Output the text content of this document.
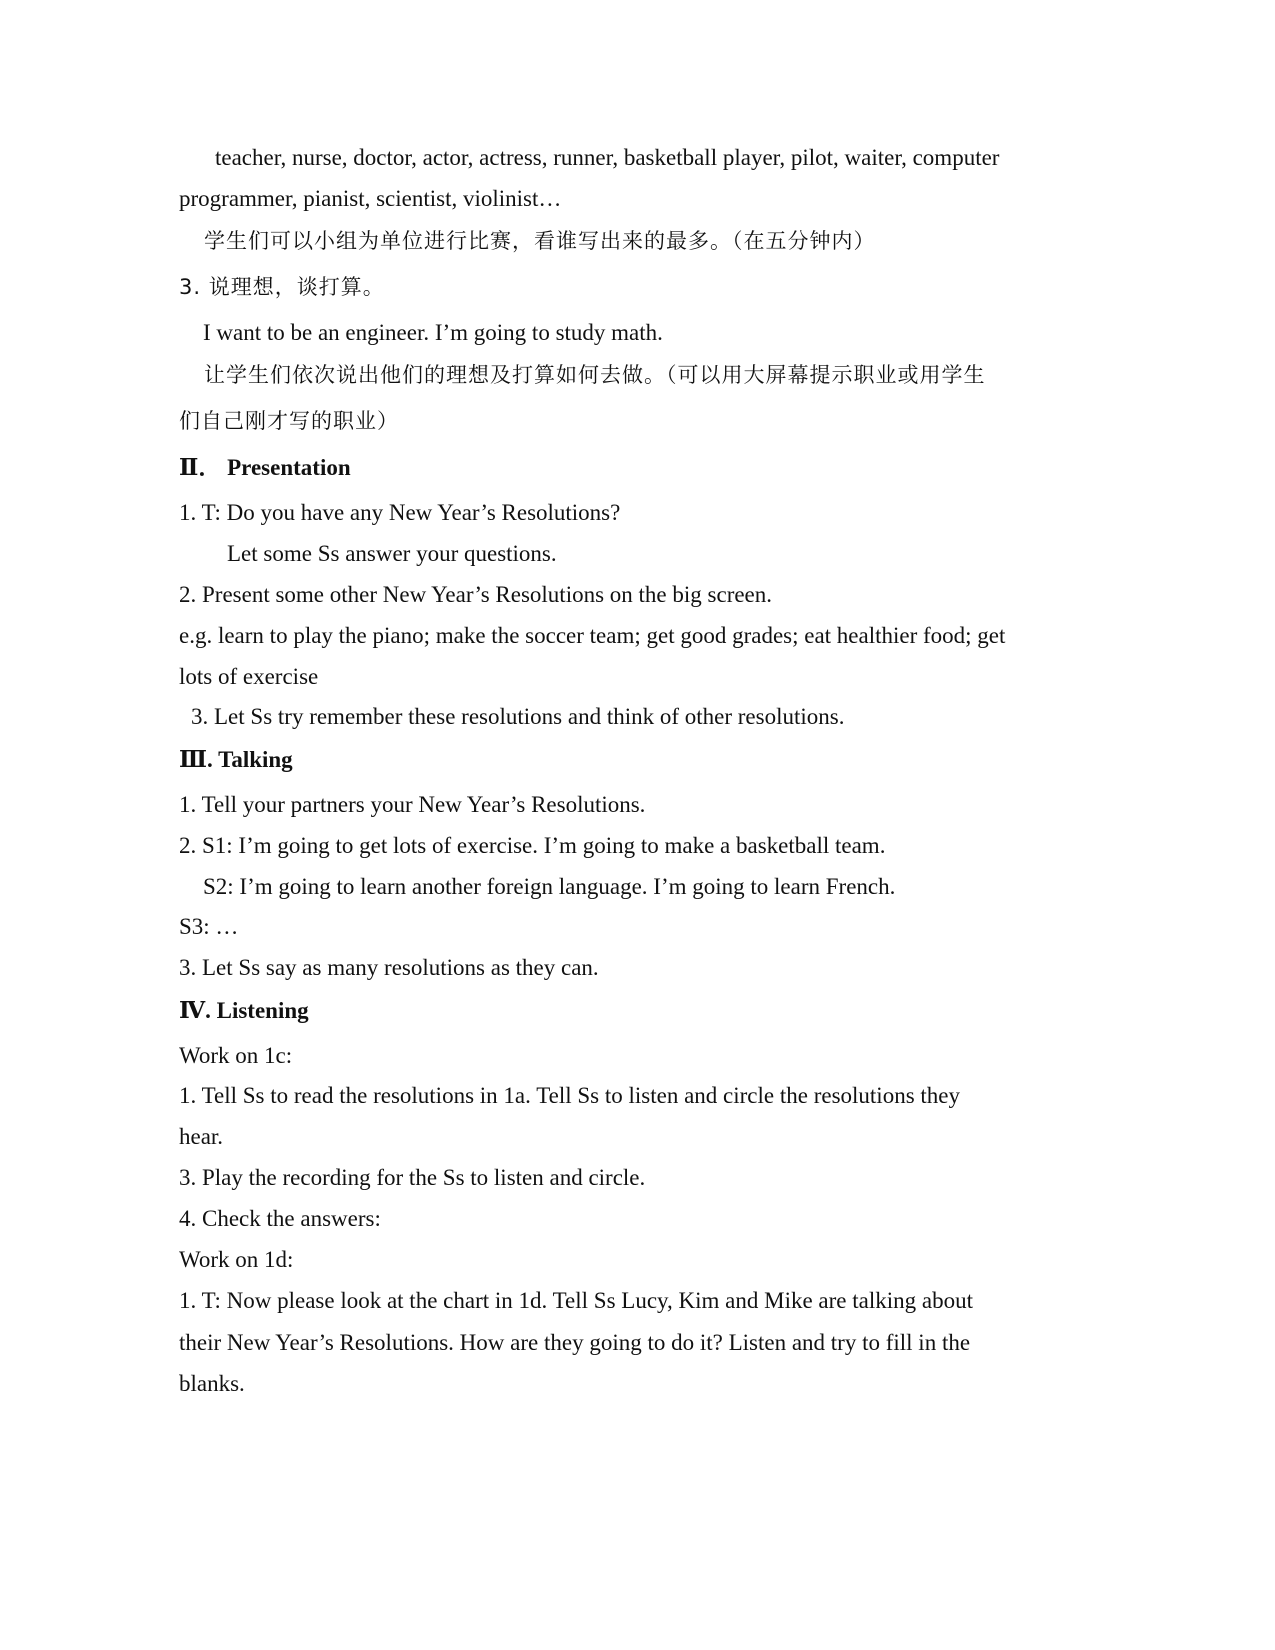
teacher, nurse, doctor, actor, actress, runner, basketball player, pilot, waiter, computer
programmer, pianist, scientist, violinist…
学生们可以小组为单位进行比赛，看谁写出来的最多。（在五分钟内）
3. 说理想，谈打算。
I want to be an engineer. I’m going to study math.
让学生们依次说出他们的理想及打算如何去做。（可以用大屏幕提示职业或用学生
们自己刚才写的职业）
Ⅱ． Presentation
1. T: Do you have any New Year’s Resolutions?
Let some Ss answer your questions.
2. Present some other New Year’s Resolutions on the big screen.
e.g. learn to play the piano; make the soccer team; get good grades; eat healthier food; get
lots of exercise
3. Let Ss try remember these resolutions and think of other resolutions.
Ⅲ. Talking
1. Tell your partners your New Year’s Resolutions.
2. S1: I’m going to get lots of exercise. I’m going to make a basketball team.
S2: I’m going to learn another foreign language. I’m going to learn French.
S3: …
3. Let Ss say as many resolutions as they can.
Ⅳ. Listening
Work on 1c:
1. Tell Ss to read the resolutions in 1a. Tell Ss to listen and circle the resolutions they
hear.
3. Play the recording for the Ss to listen and circle.
4. Check the answers:
Work on 1d:
1. T: Now please look at the chart in 1d. Tell Ss Lucy, Kim and Mike are talking about
their New Year’s Resolutions. How are they going to do it? Listen and try to fill in the
blanks.
